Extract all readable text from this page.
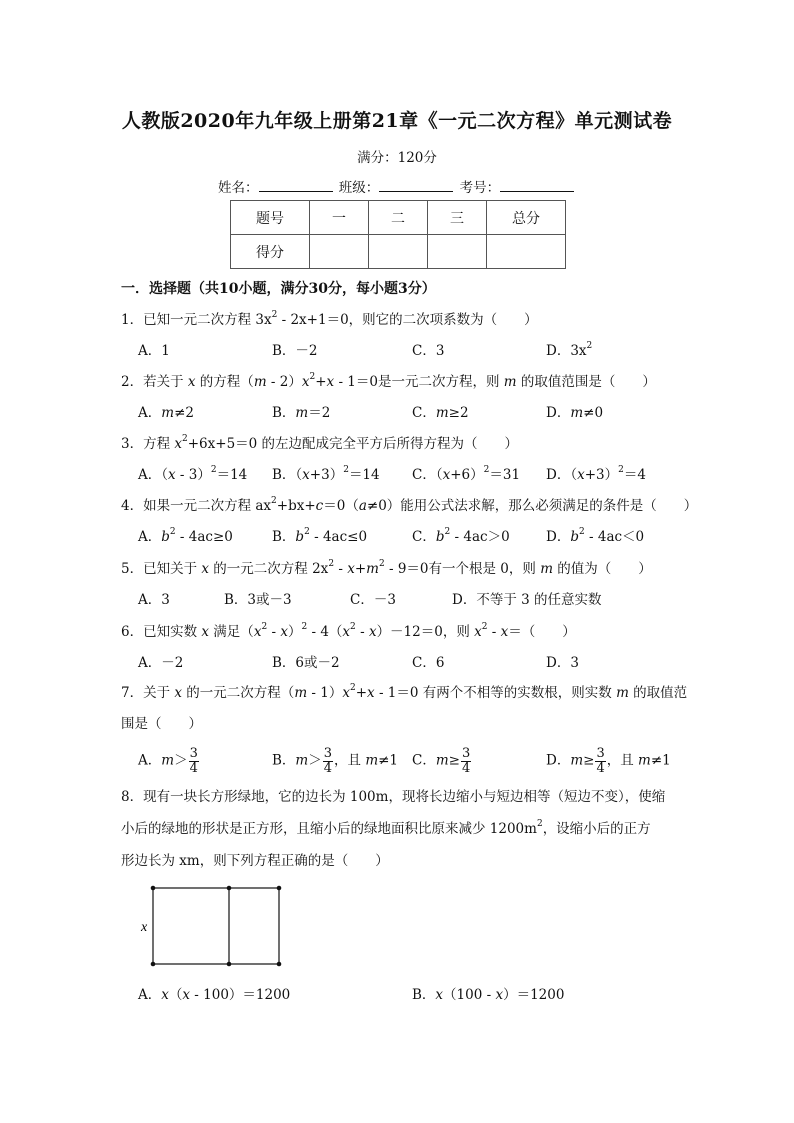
人教版2020年九年级上册第21章《一元二次方程》单元测试卷
满分：120分
姓名：	班级：	考号：
题号	一	二	三	总分
得分				
一．选择题（共10小题，满分30分，每小题3分）
1．已知一元二次方程 $3x^2 - 2x+1=0$，则它的二次项系数为（　　）
A．1	B．－2	C．3	D．$3x^2$
2．若关于 x 的方程$(m - 2)x^2+x - 1=0$是一元二次方程，则 m 的取值范围是（　　）
A．m≠2	B．m＝2	C．m≥2	D．m≠0
3．方程 $x^2+6x+5=0$ 的左边配成完全平方后所得方程为（　　）
A．（x - 3）$^2$＝14 B．$(x+3)^2=14$ C．$(x+6)^2=31$ D．$(x+3)^2=4$
4．如果一元二次方程 $ax^2+bx+c=0(a\ne 0)$能用公式法求解，那么必须满足的条件是（　　）
A．$b^2 - 4ac\ge 0$	B．$b^2 - 4ac\le 0$	C．$b^2 - 4ac>0$	D．$b^2 - 4ac<0$
5．已知关于 x 的一元二次方程 $2x^2 - x+m^2 - 9=0$有一个根是 0，则 m 的值为（　　）
A．3	B．3或－3	C．－3	D．不等于 3 的任意实数
6．已知实数 x 满足$(x^2 - x)^2 - 4(x^2 - x)-12=0$，则 $x^2 - x=$（　　）
A．－2	B．6或－2	C．6	D．3
7．关于 x 的一元二次方程$(m - 1)x^2+x - 1=0$ 有两个不相等的实数根，则实数 m 的取值范
围是（　　）
A．$m> \frac{3}{4}$	B．$m> \frac{3}{4}$ ，且 m≠1 C．$m\ge \frac{3}{4}$	D．$m\ge \frac{3}{4}$ ，且 m≠1
8．现有一块长方形绿地，它的边长为 100m，现将长边缩小与短边相等（短边不变），使缩
小后的绿地的形状是正方形，且缩小后的绿地面积比原来减少 $1200m^2$，设缩小后的正方
形边长为 xm，则下列方程正确的是（　　）
A．x（x - 100）＝1200	B．x（100 - x）＝1200
x
